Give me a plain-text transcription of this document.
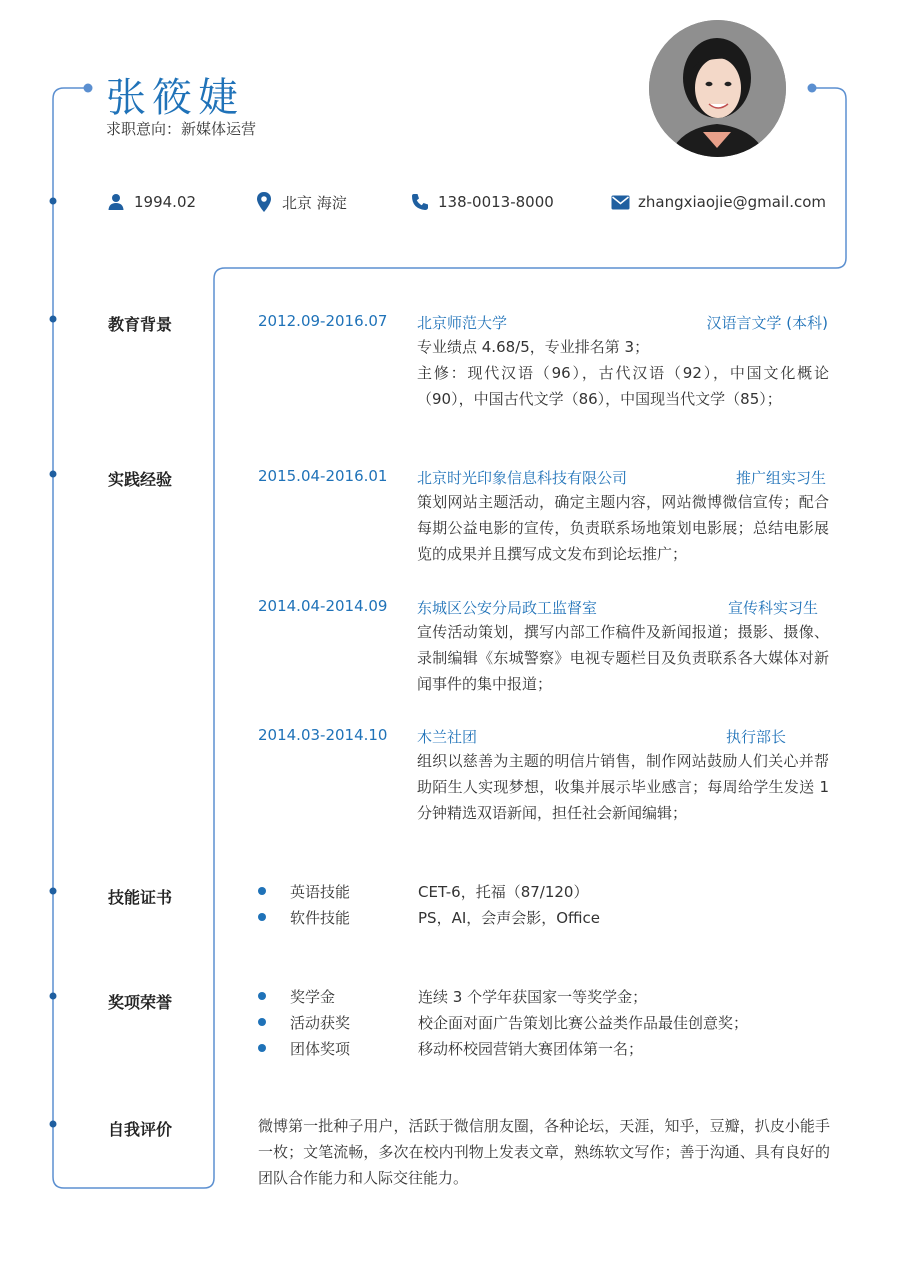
张筱婕
求职意向：新媒体运营
1994.02	北京 海淀	138-0013-8000	zhangxiaojie@gmail.com
教育背景	2012.09-2016.07 北京师范大学	汉语言文学 (本科)
专业绩点 4.68/5，专业排名第 3；
主修：现代汉语（96），古代汉语（92），中国文化概论（90），中国古代文学（86），中国现当代文学（85）；
实践经验	2015.04-2016.01 北京时光印象信息科技有限公司	推广组实习生
策划网站主题活动，确定主题内容，网站微博微信宣传；配合每期公益电影的宣传，负责联系场地策划电影展；总结电影展览的成果并且撰写成文发布到论坛推广；
2014.04-2014.09 东城区公安分局政工监督室	宣传科实习生
宣传活动策划，撰写内部工作稿件及新闻报道；摄影、摄像、录制编辑《东城警察》电视专题栏目及负责联系各大媒体对新闻事件的集中报道；
2014.03-2014.10 木兰社团	执行部长
组织以慈善为主题的明信片销售，制作网站鼓励人们关心并帮助陌生人实现梦想，收集并展示毕业感言；每周给学生发送 1 分钟精选双语新闻，担任社会新闻编辑；
技能证书	英语技能	CET-6，托福（87/120）
软件技能	PS，AI，会声会影，Office
奖项荣誉	奖学金	连续 3 个学年获国家一等奖学金；
活动获奖	校企面对面广告策划比赛公益类作品最佳创意奖；
团体奖项	移动杯校园营销大赛团体第一名；
自我评价	微博第一批种子用户，活跃于微信朋友圈，各种论坛，天涯，知乎，豆瓣，扒皮小能手一枚；文笔流畅，多次在校内刊物上发表文章，熟练软文写作；善于沟通、具有良好的团队合作能力和人际交往能力。
